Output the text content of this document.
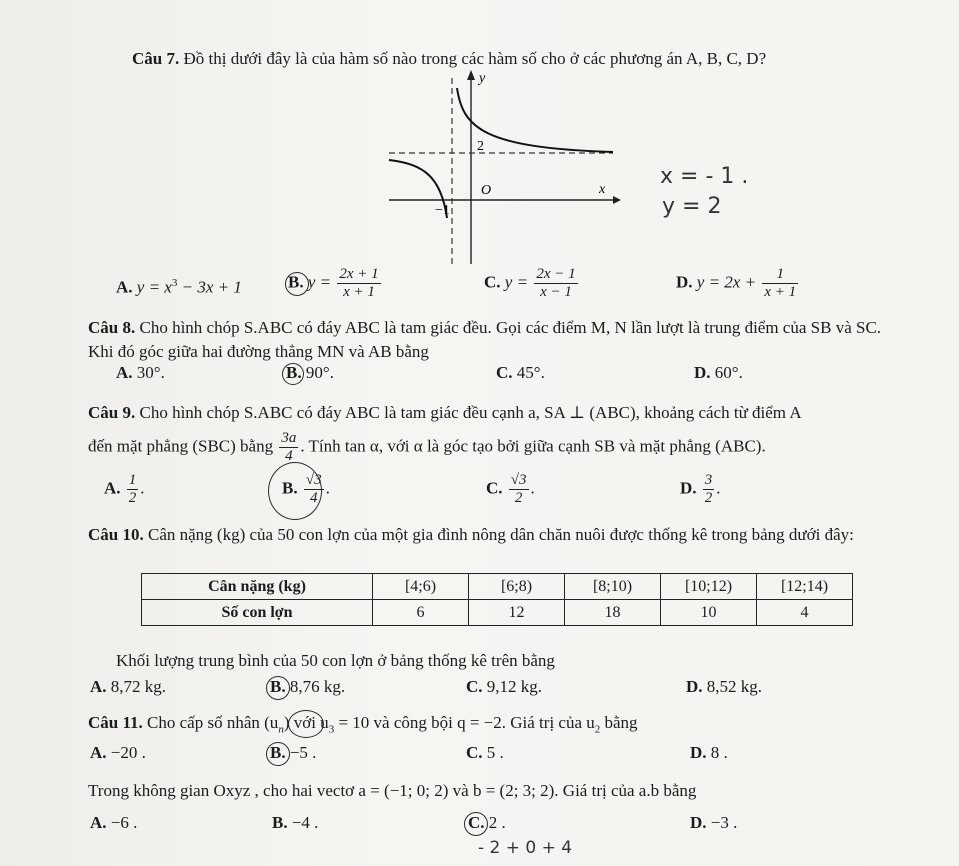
Câu 7. Đồ thị dưới đây là của hàm số nào trong các hàm số cho ở các phương án A, B, C, D?
y
x
O
2
−1
x = - 1 .
y = 2
A. $y = x^3 - 3x + 1$	B. $y = \frac{2x + 1}{x + 1}$	C. $y = \frac{2x - 1}{x - 1}$	D. $y = 2x + \frac{1}{x + 1}$
Câu 8. Cho hình chóp S.ABC có đáy ABC là tam giác đều. Gọi các điểm M, N lần lượt là trung điểm của SB và SC. Khi đó góc giữa hai đường thẳng MN và AB bằng
A. 30°.	B. 90°.	C. 45°.	D. 60°.
Câu 9. Cho hình chóp S.ABC có đáy ABC là tam giác đều cạnh a, SA ⊥ (ABC), khoảng cách từ điểm A
đến mặt phẳng (SBC) bằng $\frac{3a}{4}$ . Tính tan α, với α là góc tạo bởi giữa cạnh SB và mặt phẳng (ABC).
A. $\frac{1}{2}$ .	B. $\frac{√3}{4}$ .	C. $\frac{√3}{2}$ .	D. $\frac{3}{2}$ .
Câu 10. Cân nặng (kg) của 50 con lợn của một gia đình nông dân chăn nuôi được thống kê trong bảng dưới đây:
Cân nặng (kg)	[4;6)	[6;8)	[8;10)	[10;12)	[12;14)
Số con lợn	6	12	18	10	4
Khối lượng trung bình của 50 con lợn ở bảng thống kê trên bằng
A. 8,72 kg.	B. 8,76 kg.	C. 9,12 kg.	D. 8,52 kg.
Câu 11. Cho cấp số nhân $(u_n)$ với $u_3 = 10$ và công bội q = −2. Giá trị của $u_2$ bằng
A. −20 .	B. −5 .	C. 5 .	D. 8 .
Trong không gian Oxyz , cho hai vectơ a = (−1; 0; 2) và b = (2; 3; 2). Giá trị của a.b bằng
A. −6 .	B. −4 .	C. 2 .	D. −3 .
- 2 + 0 + 4
